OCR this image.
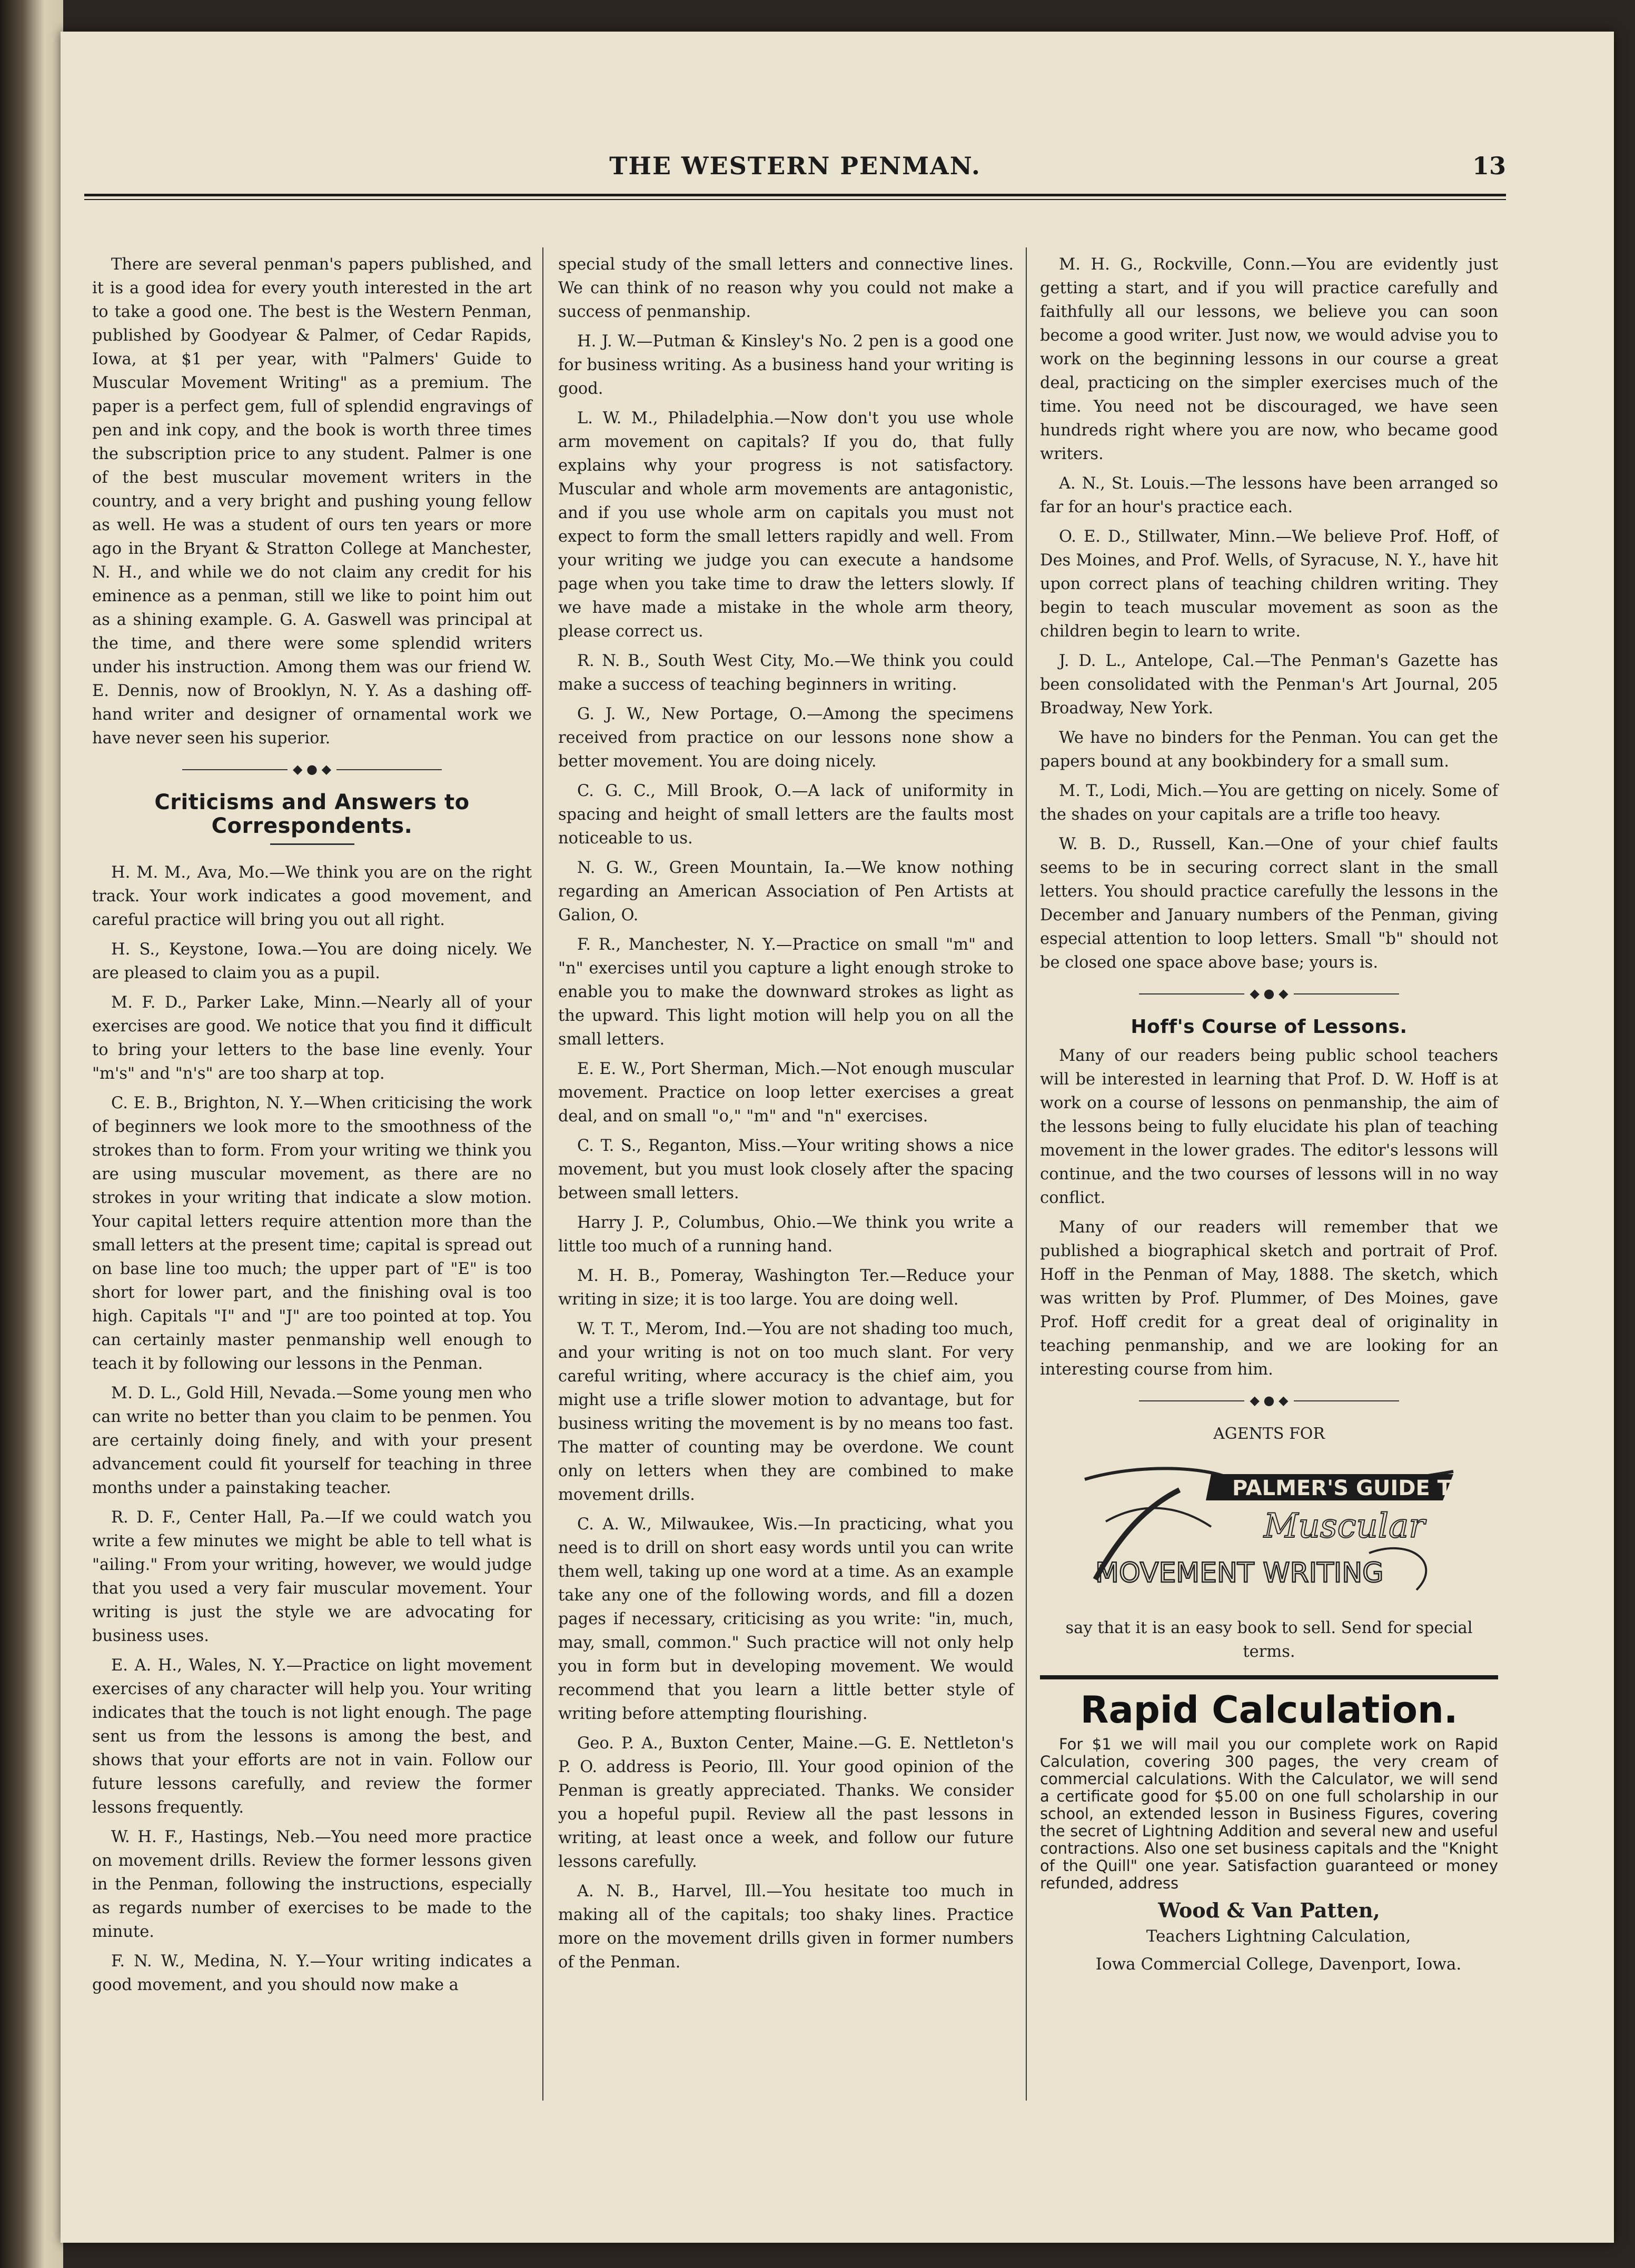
THE WESTERN PENMAN.	13

There are several penman's papers published, and it is a good idea for every youth interested in the art to take a good one. The best is the Western Penman, published by Goodyear & Palmer, of Cedar Rapids, Iowa, at $1 per year, with "Palmers' Guide to Muscular Movement Writing" as a premium. The paper is a perfect gem, full of splendid engravings of pen and ink copy, and the book is worth three times the subscription price to any student. Palmer is one of the best muscular movement writers in the country, and a very bright and pushing young fellow as well. He was a student of ours ten years or more ago in the Bryant & Stratton College at Manchester, N. H., and while we do not claim any credit for his eminence as a penman, still we like to point him out as a shining example. G. A. Gaswell was principal at the time, and there were some splendid writers under his instruction. Among them was our friend W. E. Dennis, now of Brooklyn, N. Y. As a dashing off-hand writer and designer of ornamental work we have never seen his superior.

◆ ● ◆
Criticisms and Answers to Correspondents.

H. M. M., Ava, Mo.—We think you are on the right track. Your work indicates a good movement, and careful practice will bring you out all right.

H. S., Keystone, Iowa.—You are doing nicely. We are pleased to claim you as a pupil.

M. F. D., Parker Lake, Minn.—Nearly all of your exercises are good. We notice that you find it difficult to bring your letters to the base line evenly. Your "m's" and "n's" are too sharp at top.

C. E. B., Brighton, N. Y.—When criticising the work of beginners we look more to the smoothness of the strokes than to form. From your writing we think you are using muscular movement, as there are no strokes in your writing that indicate a slow motion. Your capital letters require attention more than the small letters at the present time; capital is spread out on base line too much; the upper part of "E" is too short for lower part, and the finishing oval is too high. Capitals "I" and "J" are too pointed at top. You can certainly master penmanship well enough to teach it by following our lessons in the Penman.

M. D. L., Gold Hill, Nevada.—Some young men who can write no better than you claim to be penmen. You are certainly doing finely, and with your present advancement could fit yourself for teaching in three months under a painstaking teacher.

R. D. F., Center Hall, Pa.—If we could watch you write a few minutes we might be able to tell what is "ailing." From your writing, however, we would judge that you used a very fair muscular movement. Your writing is just the style we are advocating for business uses.

E. A. H., Wales, N. Y.—Practice on light movement exercises of any character will help you. Your writing indicates that the touch is not light enough. The page sent us from the lessons is among the best, and shows that your efforts are not in vain. Follow our future lessons carefully, and review the former lessons frequently.

W. H. F., Hastings, Neb.—You need more practice on movement drills. Review the former lessons given in the Penman, following the instructions, especially as regards number of exercises to be made to the minute.

F. N. W., Medina, N. Y.—Your writing indicates a good movement, and you should now make a

special study of the small letters and connective lines. We can think of no reason why you could not make a success of penmanship.

H. J. W.—Putman & Kinsley's No. 2 pen is a good one for business writing. As a business hand your writing is good.

L. W. M., Philadelphia.—Now don't you use whole arm movement on capitals? If you do, that fully explains why your progress is not satisfactory. Muscular and whole arm movements are antagonistic, and if you use whole arm on capitals you must not expect to form the small letters rapidly and well. From your writing we judge you can execute a handsome page when you take time to draw the letters slowly. If we have made a mistake in the whole arm theory, please correct us.

R. N. B., South West City, Mo.—We think you could make a success of teaching beginners in writing.

G. J. W., New Portage, O.—Among the specimens received from practice on our lessons none show a better movement. You are doing nicely.

C. G. C., Mill Brook, O.—A lack of uniformity in spacing and height of small letters are the faults most noticeable to us.

N. G. W., Green Mountain, Ia.—We know nothing regarding an American Association of Pen Artists at Galion, O.

F. R., Manchester, N. Y.—Practice on small "m" and "n" exercises until you capture a light enough stroke to enable you to make the downward strokes as light as the upward. This light motion will help you on all the small letters.

E. E. W., Port Sherman, Mich.—Not enough muscular movement. Practice on loop letter exercises a great deal, and on small "o," "m" and "n" exercises.

C. T. S., Reganton, Miss.—Your writing shows a nice movement, but you must look closely after the spacing between small letters.

Harry J. P., Columbus, Ohio.—We think you write a little too much of a running hand.

M. H. B., Pomeray, Washington Ter.—Reduce your writing in size; it is too large. You are doing well.

W. T. T., Merom, Ind.—You are not shading too much, and your writing is not on too much slant. For very careful writing, where accuracy is the chief aim, you might use a trifle slower motion to advantage, but for business writing the movement is by no means too fast. The matter of counting may be overdone. We count only on letters when they are combined to make movement drills.

C. A. W., Milwaukee, Wis.—In practicing, what you need is to drill on short easy words until you can write them well, taking up one word at a time. As an example take any one of the following words, and fill a dozen pages if necessary, criticising as you write: "in, much, may, small, common." Such practice will not only help you in form but in developing movement. We would recommend that you learn a little better style of writing before attempting flourishing.

Geo. P. A., Buxton Center, Maine.—G. E. Nettleton's P. O. address is Peorio, Ill. Your good opinion of the Penman is greatly appreciated. Thanks. We consider you a hopeful pupil. Review all the past lessons in writing, at least once a week, and follow our future lessons carefully.

A. N. B., Harvel, Ill.—You hesitate too much in making all of the capitals; too shaky lines. Practice more on the movement drills given in former numbers of the Penman.

M. H. G., Rockville, Conn.—You are evidently just getting a start, and if you will practice carefully and faithfully all our lessons, we believe you can soon become a good writer. Just now, we would advise you to work on the beginning lessons in our course a great deal, practicing on the simpler exercises much of the time. You need not be discouraged, we have seen hundreds right where you are now, who became good writers.

A. N., St. Louis.—The lessons have been arranged so far for an hour's practice each.

O. E. D., Stillwater, Minn.—We believe Prof. Hoff, of Des Moines, and Prof. Wells, of Syracuse, N. Y., have hit upon correct plans of teaching children writing. They begin to teach muscular movement as soon as the children begin to learn to write.

J. D. L., Antelope, Cal.—The Penman's Gazette has been consolidated with the Penman's Art Journal, 205 Broadway, New York.

We have no binders for the Penman. You can get the papers bound at any bookbindery for a small sum.

M. T., Lodi, Mich.—You are getting on nicely. Some of the shades on your capitals are a trifle too heavy.

W. B. D., Russell, Kan.—One of your chief faults seems to be in securing correct slant in the small letters. You should practice carefully the lessons in the December and January numbers of the Penman, giving especial attention to loop letters. Small "b" should not be closed one space above base; yours is.

◆ ● ◆
Hoff's Course of Lessons.

Many of our readers being public school teachers will be interested in learning that Prof. D. W. Hoff is at work on a course of lessons on penmanship, the aim of the lessons being to fully elucidate his plan of teaching movement in the lower grades. The editor's lessons will continue, and the two courses of lessons will in no way conflict.

Many of our readers will remember that we published a biographical sketch and portrait of Prof. Hoff in the Penman of May, 1888. The sketch, which was written by Prof. Plummer, of Des Moines, gave Prof. Hoff credit for a great deal of originality in teaching penmanship, and we are looking for an interesting course from him.

◆ ● ◆
AGENTS FOR
PALMER'S GUIDE TO
Muscular
MOVEMENT WRITING

say that it is an easy book to sell. Send for special terms.

Rapid Calculation.

For $1 we will mail you our complete work on Rapid Calculation, covering 300 pages, the very cream of commercial calculations. With the Calculator, we will send a certificate good for $5.00 on one full scholarship in our school, an extended lesson in Business Figures, covering the secret of Lightning Addition and several new and useful contractions. Also one set business capitals and the "Knight of the Quill" one year. Satisfaction guaranteed or money refunded, address

Wood & Van Patten,

Teachers Lightning Calculation,

Iowa Commercial College, Davenport, Iowa.
